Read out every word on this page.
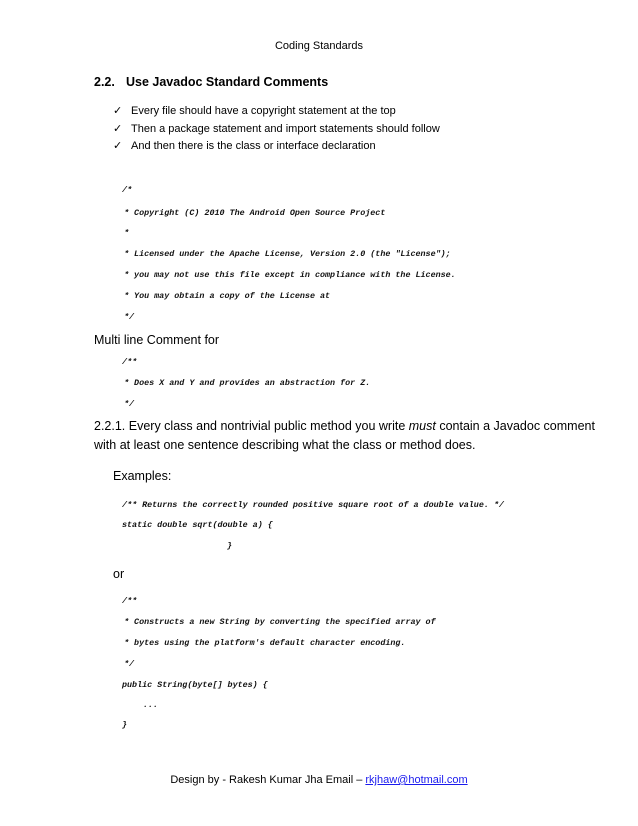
Coding Standards
2.2. Use Javadoc Standard Comments
✓ Every file should have a copyright statement at the top
✓ Then a package statement and import statements should follow
✓ And then there is the class or interface declaration
/*
* Copyright (C) 2010 The Android Open Source Project
*
* Licensed under the Apache License, Version 2.0 (the "License");
* you may not use this file except in compliance with the License.
* You may obtain a copy of the License at
*/
Multi line Comment for
/**
* Does X and Y and provides an abstraction for Z.
*/
2.2.1. Every class and nontrivial public method you write must contain a Javadoc comment
with at least one sentence describing what the class or method does.
Examples:
/** Returns the correctly rounded positive square root of a double value. */
static double sqrt(double a) {
}
or
/**
* Constructs a new String by converting the specified array of
* bytes using the platform's default character encoding.
*/
public String(byte[] bytes) {
...
}
Design by - Rakesh Kumar Jha Email – rkjhaw@hotmail.com
